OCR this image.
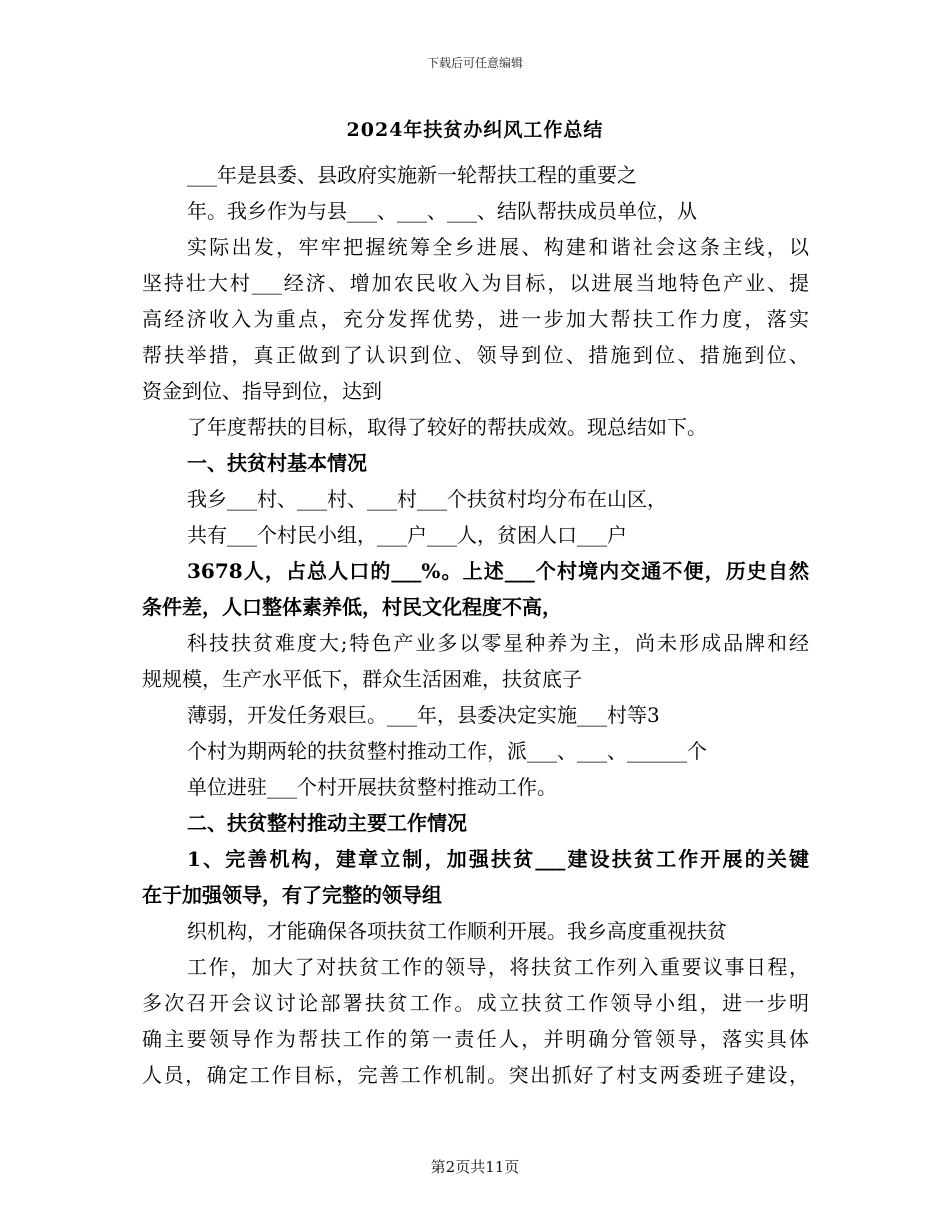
下载后可任意编辑
2024年扶贫办纠风工作总结
___年是县委、县政府实施新一轮帮扶工程的重要之
年。我乡作为与县___、___、___、结队帮扶成员单位，从
实际出发，牢牢把握统筹全乡进展、构建和谐社会这条主线，以
坚持壮大村___经济、增加农民收入为目标，以进展当地特色产业、提
高经济收入为重点，充分发挥优势，进一步加大帮扶工作力度，落实
帮扶举措，真正做到了认识到位、领导到位、措施到位、措施到位、
资金到位、指导到位，达到
了年度帮扶的目标，取得了较好的帮扶成效。现总结如下。
一、扶贫村基本情况
我乡___村、___村、___村___个扶贫村均分布在山区，
共有___个村民小组，___户___人，贫困人口___户
3678人，占总人口的___%。上述___个村境内交通不便，历史自然
条件差，人口整体素养低，村民文化程度不高，
科技扶贫难度大;特色产业多以零星种养为主，尚未形成品牌和经
规规模，生产水平低下，群众生活困难，扶贫底子
薄弱，开发任务艰巨。___年，县委决定实施___村等3
个村为期两轮的扶贫整村推动工作，派___、___、______个
单位进驻___个村开展扶贫整村推动工作。
二、扶贫整村推动主要工作情况
1、完善机构，建章立制，加强扶贫___建设扶贫工作开展的关键
在于加强领导，有了完整的领导组
织机构，才能确保各项扶贫工作顺利开展。我乡高度重视扶贫
工作，加大了对扶贫工作的领导，将扶贫工作列入重要议事日程，
多次召开会议讨论部署扶贫工作。成立扶贫工作领导小组，进一步明
确主要领导作为帮扶工作的第一责任人，并明确分管领导，落实具体
人员，确定工作目标，完善工作机制。突出抓好了村支两委班子建设，
第2页共11页
